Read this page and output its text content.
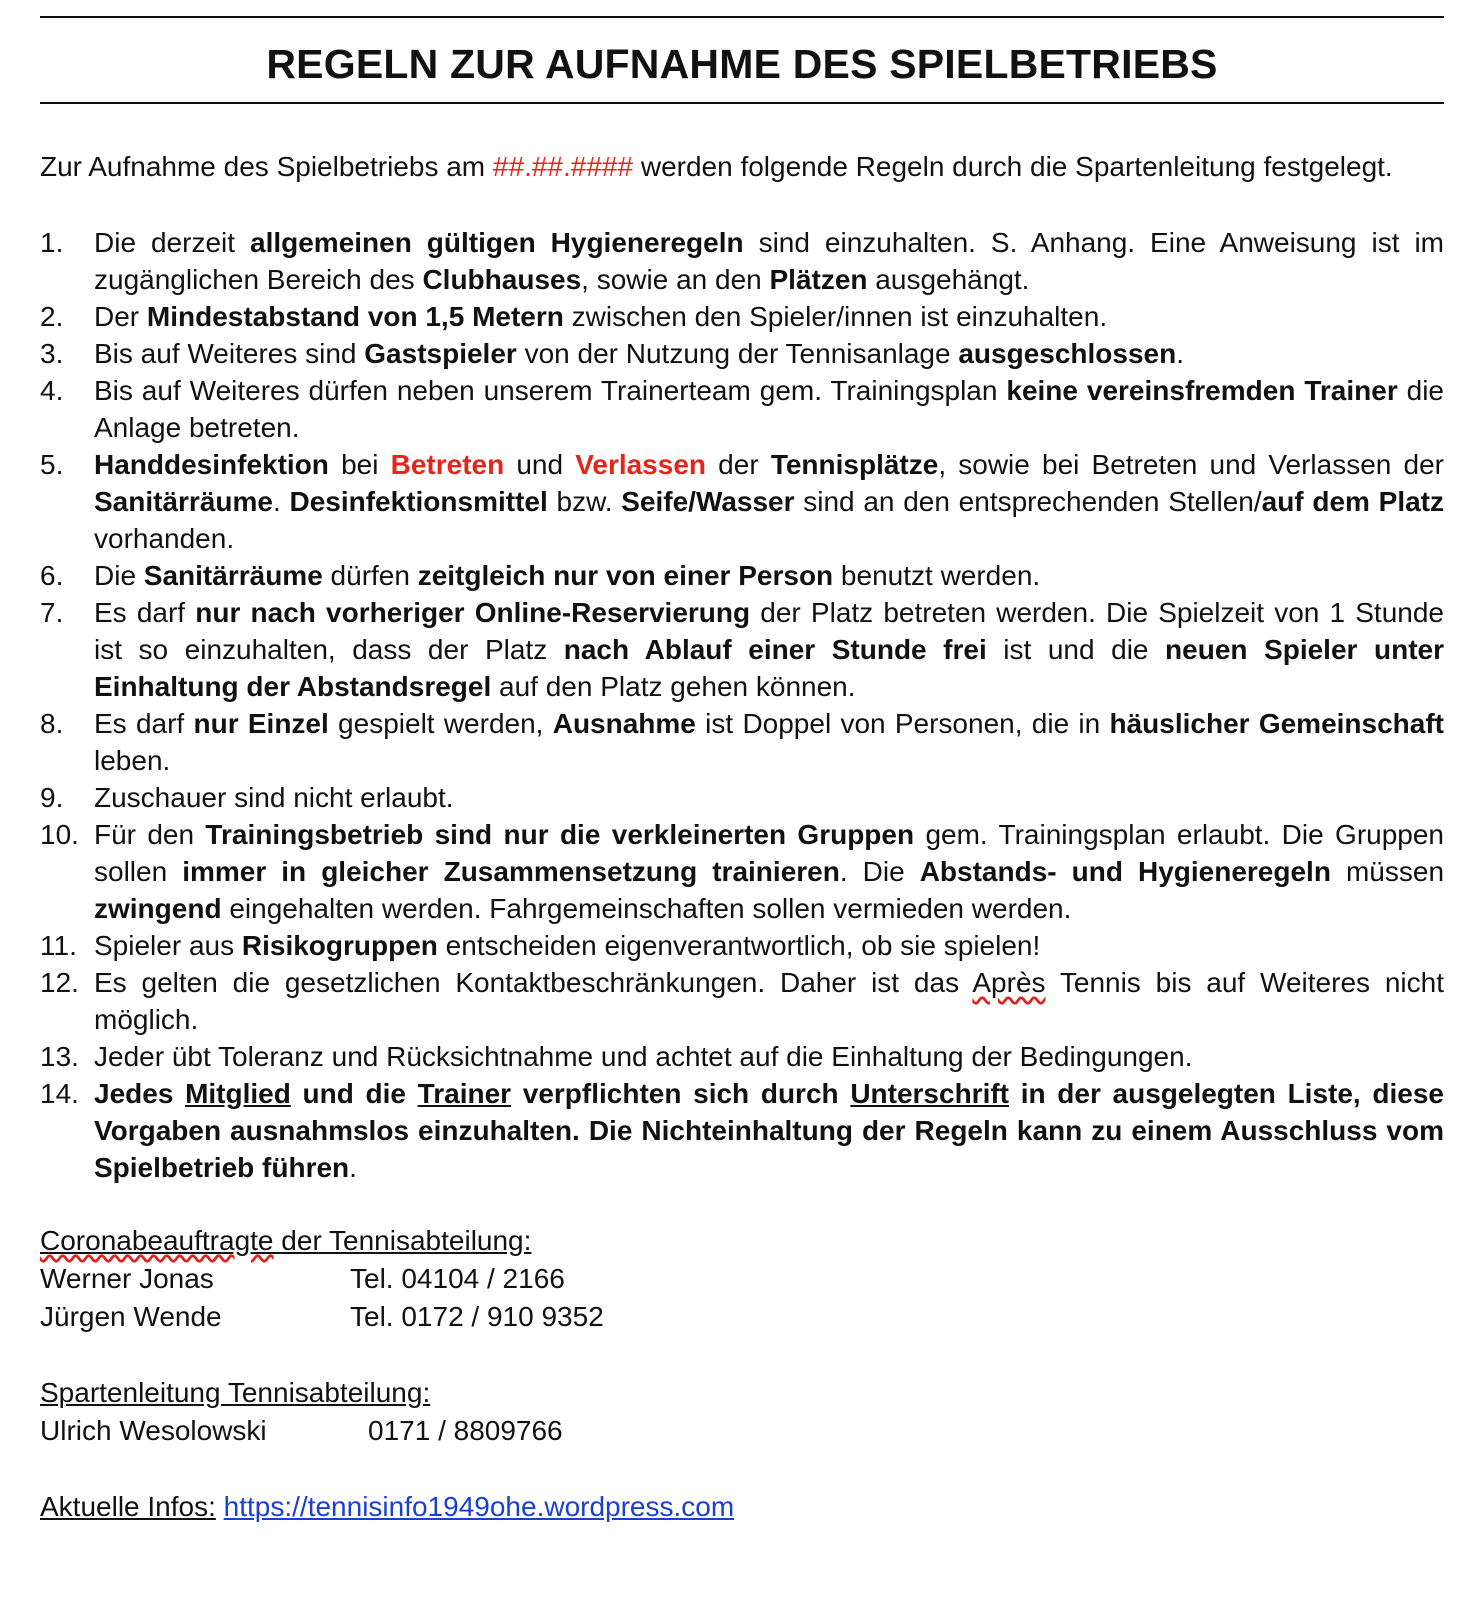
REGELN ZUR AUFNAHME DES SPIELBETRIEBS
Zur Aufnahme des Spielbetriebs am ##.##.#### werden folgende Regeln durch die Spartenleitung festgelegt.
1. Die derzeit allgemeinen gültigen Hygieneregeln sind einzuhalten. S. Anhang. Eine Anweisung ist im zugänglichen Bereich des Clubhauses, sowie an den Plätzen ausgehängt.
2. Der Mindestabstand von 1,5 Metern zwischen den Spieler/innen ist einzuhalten.
3. Bis auf Weiteres sind Gastspieler von der Nutzung der Tennisanlage ausgeschlossen.
4. Bis auf Weiteres dürfen neben unserem Trainerteam gem. Trainingsplan keine vereinsfremden Trainer die Anlage betreten.
5. Handdesinfektion bei Betreten und Verlassen der Tennisplätze, sowie bei Betreten und Verlassen der Sanitärräume. Desinfektionsmittel bzw. Seife/Wasser sind an den entsprechenden Stellen/auf dem Platz vorhanden.
6. Die Sanitärräume dürfen zeitgleich nur von einer Person benutzt werden.
7. Es darf nur nach vorheriger Online-Reservierung der Platz betreten werden. Die Spielzeit von 1 Stunde ist so einzuhalten, dass der Platz nach Ablauf einer Stunde frei ist und die neuen Spieler unter Einhaltung der Abstandsregel auf den Platz gehen können.
8. Es darf nur Einzel gespielt werden, Ausnahme ist Doppel von Personen, die in häuslicher Gemeinschaft leben.
9. Zuschauer sind nicht erlaubt.
10. Für den Trainingsbetrieb sind nur die verkleinerten Gruppen gem. Trainingsplan erlaubt. Die Gruppen sollen immer in gleicher Zusammensetzung trainieren. Die Abstands- und Hygieneregeln müssen zwingend eingehalten werden. Fahrgemeinschaften sollen vermieden werden.
11. Spieler aus Risikogruppen entscheiden eigenverantwortlich, ob sie spielen!
12. Es gelten die gesetzlichen Kontaktbeschränkungen. Daher ist das Après Tennis bis auf Weiteres nicht möglich.
13. Jeder übt Toleranz und Rücksichtnahme und achtet auf die Einhaltung der Bedingungen.
14. Jedes Mitglied und die Trainer verpflichten sich durch Unterschrift in der ausgelegten Liste, diese Vorgaben ausnahmslos einzuhalten. Die Nichteinhaltung der Regeln kann zu einem Ausschluss vom Spielbetrieb führen.
Coronabeauftragte der Tennisabteilung:
Werner Jonas	Tel. 04104 / 2166
Jürgen Wende	Tel. 0172 / 910 9352
Spartenleitung Tennisabteilung:
Ulrich Wesolowski	0171 / 8809766
Aktuelle Infos: https://tennisinfo1949ohe.wordpress.com
